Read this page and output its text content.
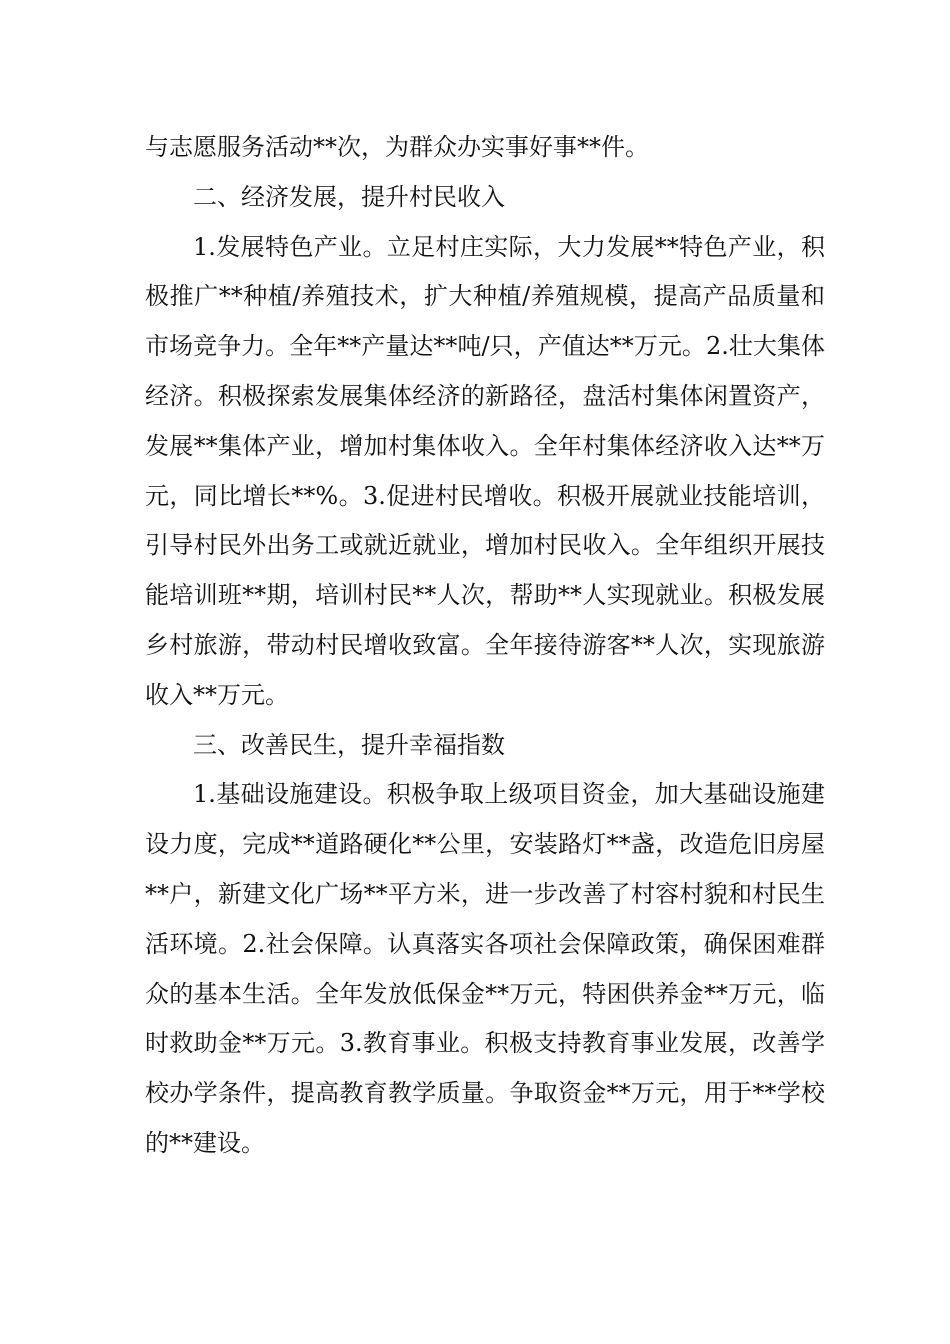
与志愿服务活动**次，为群众办实事好事**件。

二、经济发展，提升村民收入

1.发展特色产业。立足村庄实际，大力发展**特色产业，积极推广**种植/养殖技术，扩大种植/养殖规模，提高产品质量和市场竞争力。全年**产量达**吨/只，产值达**万元。2.壮大集体经济。积极探索发展集体经济的新路径，盘活村集体闲置资产，发展**集体产业，增加村集体收入。全年村集体经济收入达**万元，同比增长**%。3.促进村民增收。积极开展就业技能培训，引导村民外出务工或就近就业，增加村民收入。全年组织开展技能培训班**期，培训村民**人次，帮助**人实现就业。积极发展乡村旅游，带动村民增收致富。全年接待游客**人次，实现旅游收入**万元。

三、改善民生，提升幸福指数

1.基础设施建设。积极争取上级项目资金，加大基础设施建设力度，完成**道路硬化**公里，安装路灯**盏，改造危旧房屋**户，新建文化广场**平方米，进一步改善了村容村貌和村民生活环境。2.社会保障。认真落实各项社会保障政策，确保困难群众的基本生活。全年发放低保金**万元，特困供养金**万元，临时救助金**万元。3.教育事业。积极支持教育事业发展，改善学校办学条件，提高教育教学质量。争取资金**万元，用于**学校的**建设。
